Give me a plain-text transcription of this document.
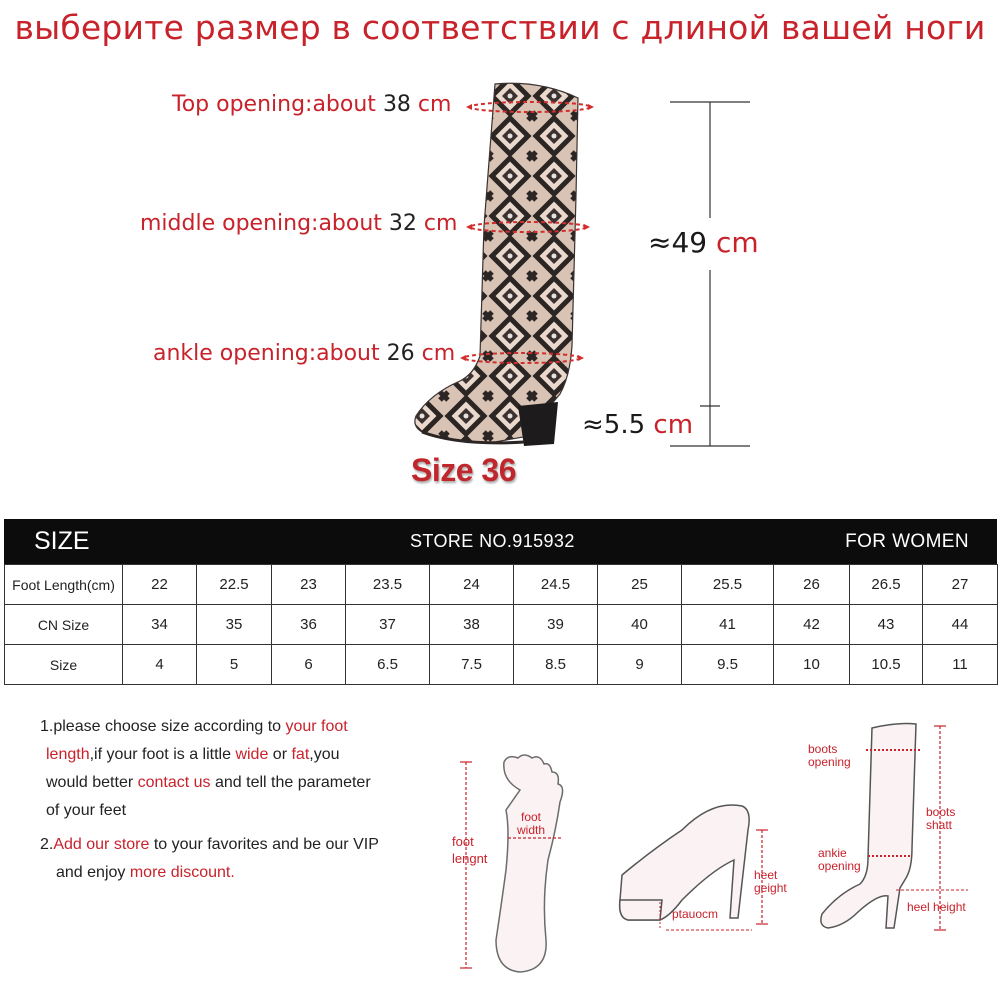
выберите размер в соответствии с длиной вашей ноги
Top opening:about 38 cm
middle opening:about 32 cm
ankle opening:about 26 cm
Size 36
≈49 cm
≈5.5 cm
SIZE	STORE NO.915932	FOR WOMEN
Foot Length(cm)	22	22.5	23	23.5	24	24.5	25	25.5	26	26.5	27
CN Size	34	35	36	37	38	39	40	41	42	43	44
Size	4	5	6	6.5	7.5	8.5	9	9.5	10	10.5	11
1.please choose size according to your foot
length,if your foot is a little wide or fat,you
would better contact us and tell the parameter
of your feet
2.Add our store to your favorites and be our VIP
and enjoy more discount.
foot
lengnt
foot
width
heet
geight
ptauocm
boots
opening
boots
shatt
ankie
opening
heel height
